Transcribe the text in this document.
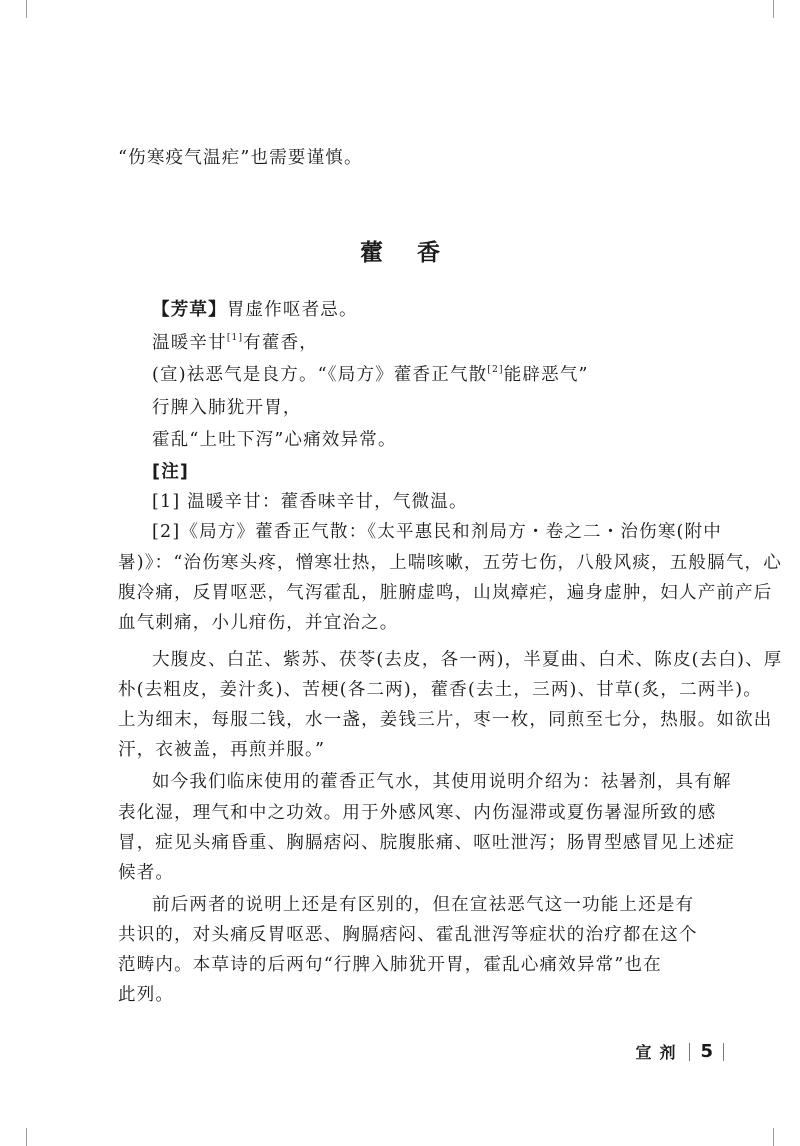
“伤寒疫气温疟”也需要谨慎。
藿香
【芳草】胃虚作呕者忌。
温暖辛甘[1]有藿香，
(宣)祛恶气是良方。“《局方》藿香正气散[2]能辟恶气”
行脾入肺犹开胃，
霍乱“上吐下泻”心痛效异常。
[注]
[1] 温暖辛甘：藿香味辛甘，气微温。
[2]《局方》藿香正气散：《太平惠民和剂局方・卷之二・治伤寒(附中
暑)》：“治伤寒头疼，憎寒壮热，上喘咳嗽，五劳七伤，八般风痰，五般膈气，心
腹冷痛，反胃呕恶，气泻霍乱，脏腑虚鸣，山岚瘴疟，遍身虚肿，妇人产前产后
血气刺痛，小儿疳伤，并宜治之。
大腹皮、白芷、紫苏、茯苓(去皮，各一两)，半夏曲、白术、陈皮(去白)、厚
朴(去粗皮，姜汁炙)、苦梗(各二两)，藿香(去土，三两)、甘草(炙，二两半)。
上为细末，每服二钱，水一盏，姜钱三片，枣一枚，同煎至七分，热服。如欲出
汗，衣被盖，再煎并服。”
如今我们临床使用的藿香正气水，其使用说明介绍为：祛暑剂，具有解
表化湿，理气和中之功效。用于外感风寒、内伤湿滞或夏伤暑湿所致的感
冒，症见头痛昏重、胸膈痞闷、脘腹胀痛、呕吐泄泻；肠胃型感冒见上述症
候者。
前后两者的说明上还是有区别的，但在宣祛恶气这一功能上还是有
共识的，对头痛反胃呕恶、胸膈痞闷、霍乱泄泻等症状的治疗都在这个
范畴内。本草诗的后两句“行脾入肺犹开胃，霍乱心痛效异常”也在
此列。
宣剂 5
